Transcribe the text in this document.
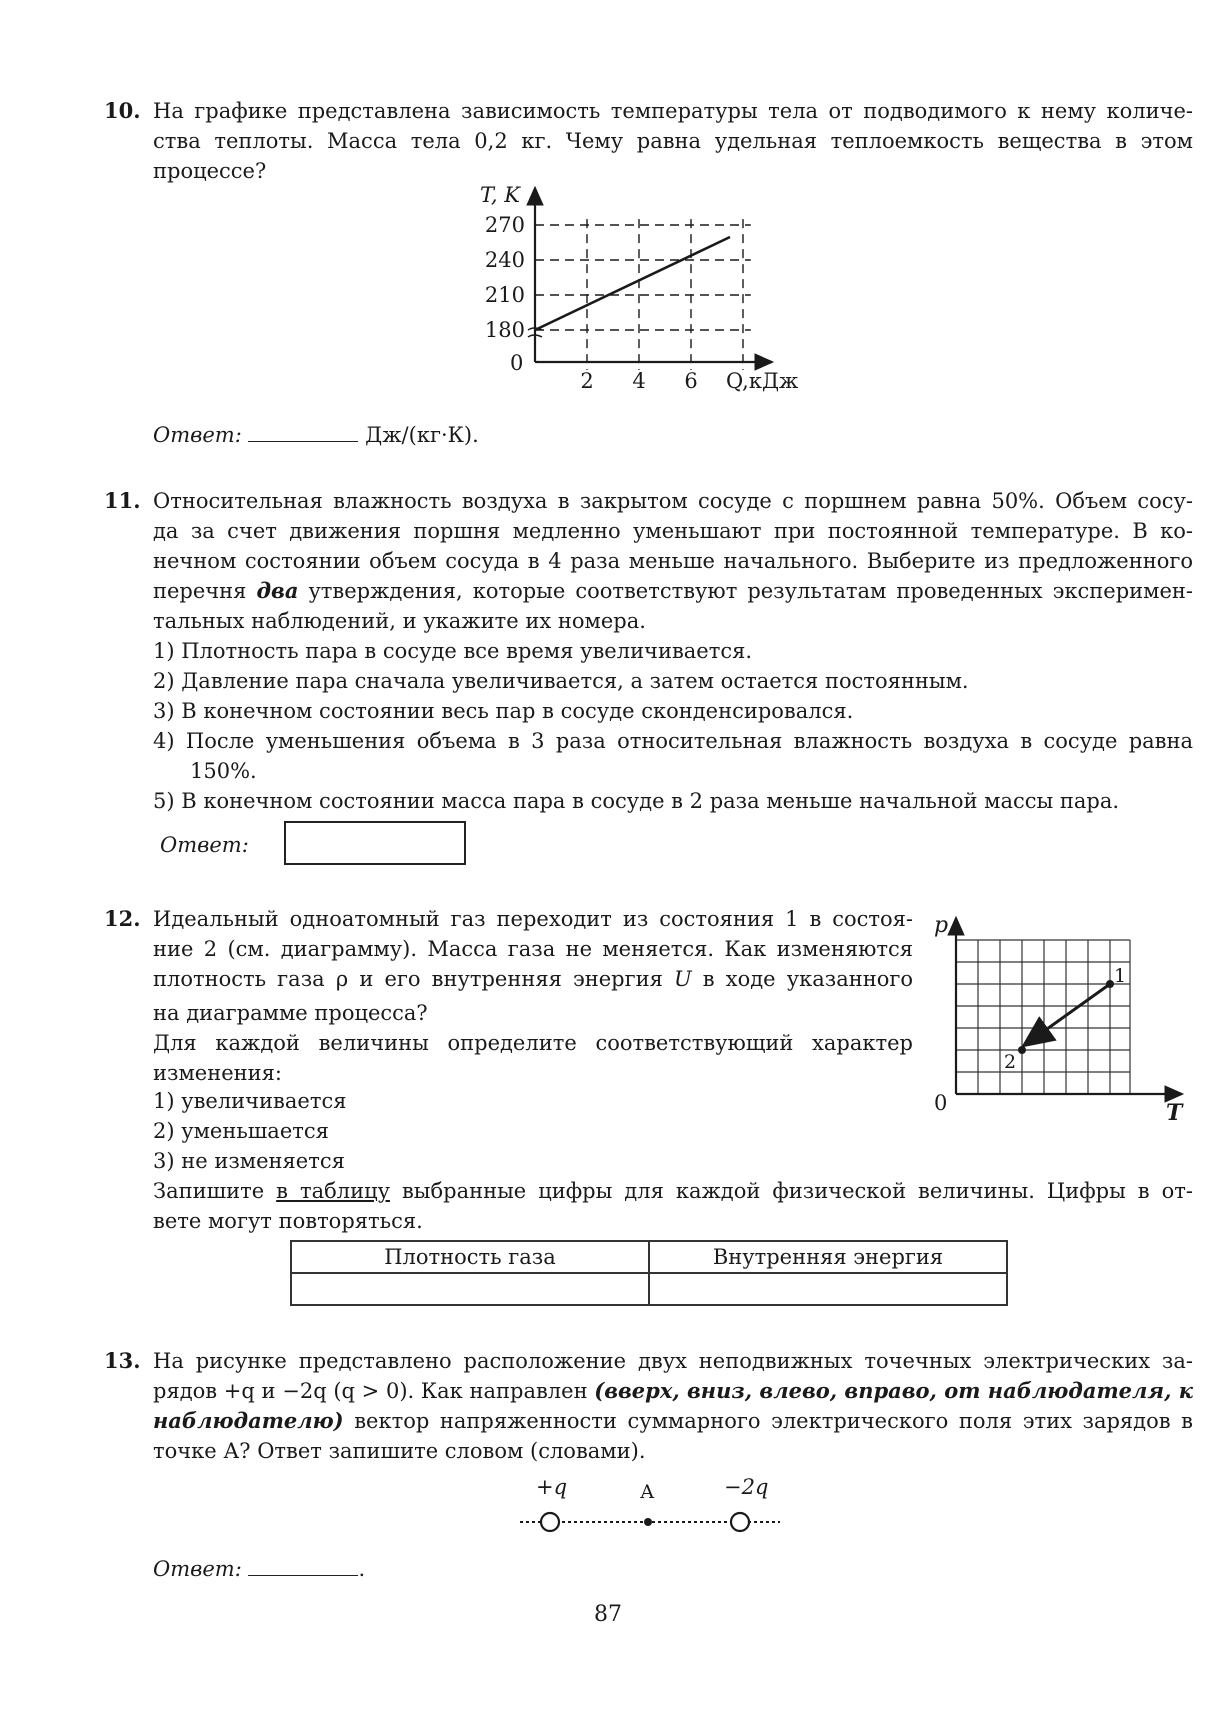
10. На графике представлена зависимость температуры тела от подводимого к нему количе-
ства теплоты. Масса тела 0,2 кг. Чему равна удельная теплоемкость вещества в этом
процессе?
T, K
270
240
210
180
0
2 4 6 Q,кДж
Ответ:	Дж/(кг·К).
11. Относительная влажность воздуха в закрытом сосуде с поршнем равна 50%. Объем сосу-
да за счет движения поршня медленно уменьшают при постоянной температуре. В ко-
нечном состоянии объем сосуда в 4 раза меньше начального. Выберите из предложенного
перечня два утверждения, которые соответствуют результатам проведенных эксперимен-
тальных наблюдений, и укажите их номера.
1) Плотность пара в сосуде все время увеличивается.
2) Давление пара сначала увеличивается, а затем остается постоянным.
3) В конечном состоянии весь пар в сосуде сконденсировался.
4) После уменьшения объема в 3 раза относительная влажность воздуха в сосуде равна
150%.
5) В конечном состоянии масса пара в сосуде в 2 раза меньше начальной массы пара.
Ответ:
12. Идеальный одноатомный газ переходит из состояния 1 в состоя-
ние 2 (см. диаграмму). Масса газа не меняется. Как изменяются
плотность газа ρ и его внутренняя энергия U в ходе указанного
на диаграмме процесса?
Для каждой величины определите соответствующий характер
изменения:
1) увеличивается
2) уменьшается
3) не изменяется
Запишите в таблицу выбранные цифры для каждой физической величины. Цифры в от-
вете могут повторяться.
Плотность газа	Внутренняя энергия

p
T
0
1
2
13. На рисунке представлено расположение двух неподвижных точечных электрических за-
рядов +q и −2q (q > 0). Как направлен (вверх, вниз, влево, вправо, от наблюдателя, к
наблюдателю) вектор напряженности суммарного электрического поля этих зарядов в
точке А? Ответ запишите словом (словами).
+q	А	−2q
Ответ:	.
87
